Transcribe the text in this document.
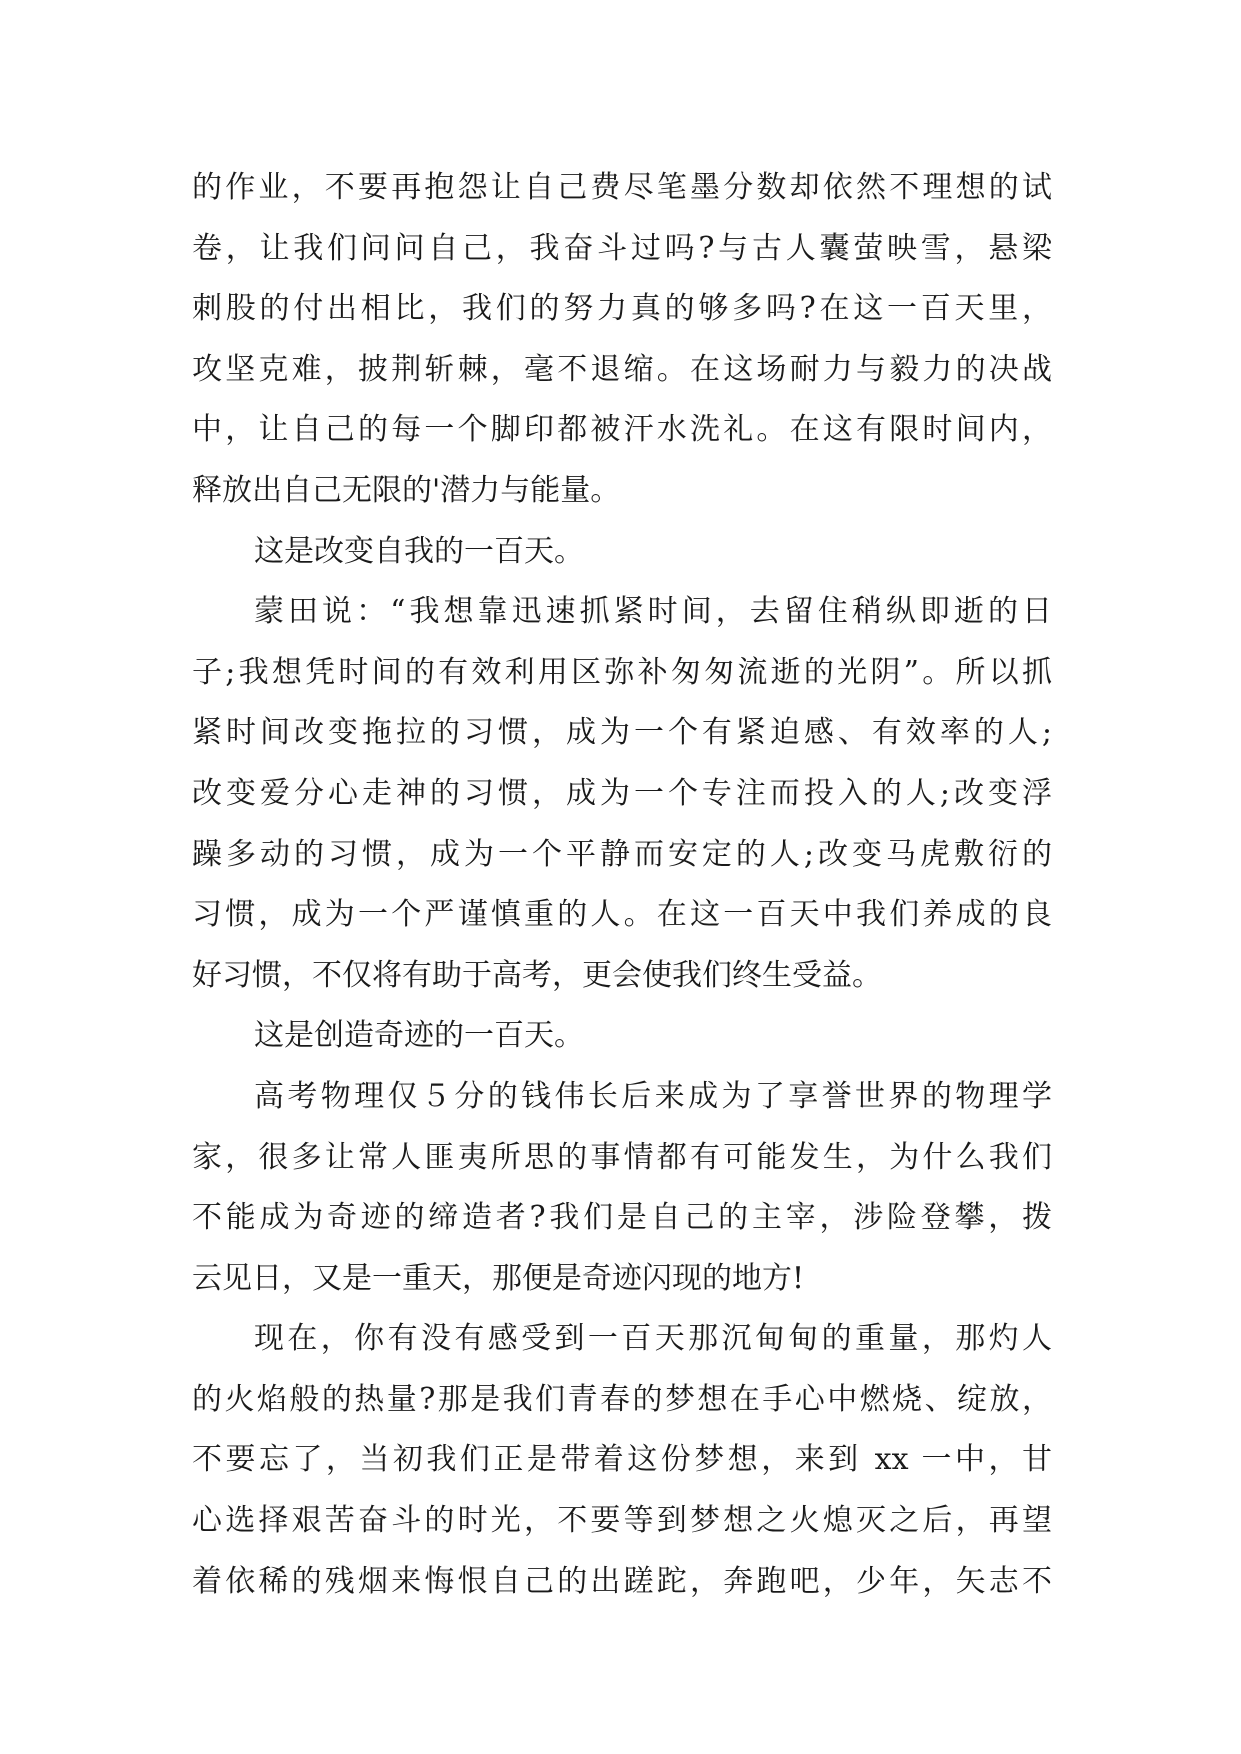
的作业，不要再抱怨让自己费尽笔墨分数却依然不理想的试
卷，让我们问问自己，我奋斗过吗?与古人囊萤映雪，悬梁
刺股的付出相比，我们的努力真的够多吗?在这一百天里，
攻坚克难，披荆斩棘，毫不退缩。在这场耐力与毅力的决战
中，让自己的每一个脚印都被汗水洗礼。在这有限时间内，
释放出自己无限的'潜力与能量。
这是改变自我的一百天。
蒙田说：“我想靠迅速抓紧时间，去留住稍纵即逝的日
子;我想凭时间的有效利用区弥补匆匆流逝的光阴”。所以抓
紧时间改变拖拉的习惯，成为一个有紧迫感、有效率的人;
改变爱分心走神的习惯，成为一个专注而投入的人;改变浮
躁多动的习惯，成为一个平静而安定的人;改变马虎敷衍的
习惯，成为一个严谨慎重的人。在这一百天中我们养成的良
好习惯，不仅将有助于高考，更会使我们终生受益。
这是创造奇迹的一百天。
高考物理仅５分的钱伟长后来成为了享誉世界的物理学
家，很多让常人匪夷所思的事情都有可能发生，为什么我们
不能成为奇迹的缔造者?我们是自己的主宰，涉险登攀，拨
云见日，又是一重天，那便是奇迹闪现的地方!
现在，你有没有感受到一百天那沉甸甸的重量，那灼人
的火焰般的热量?那是我们青春的梦想在手心中燃烧、绽放，
不要忘了，当初我们正是带着这份梦想，来到 xx 一中，甘
心选择艰苦奋斗的时光，不要等到梦想之火熄灭之后，再望
着依稀的残烟来悔恨自己的出蹉跎，奔跑吧，少年，矢志不
